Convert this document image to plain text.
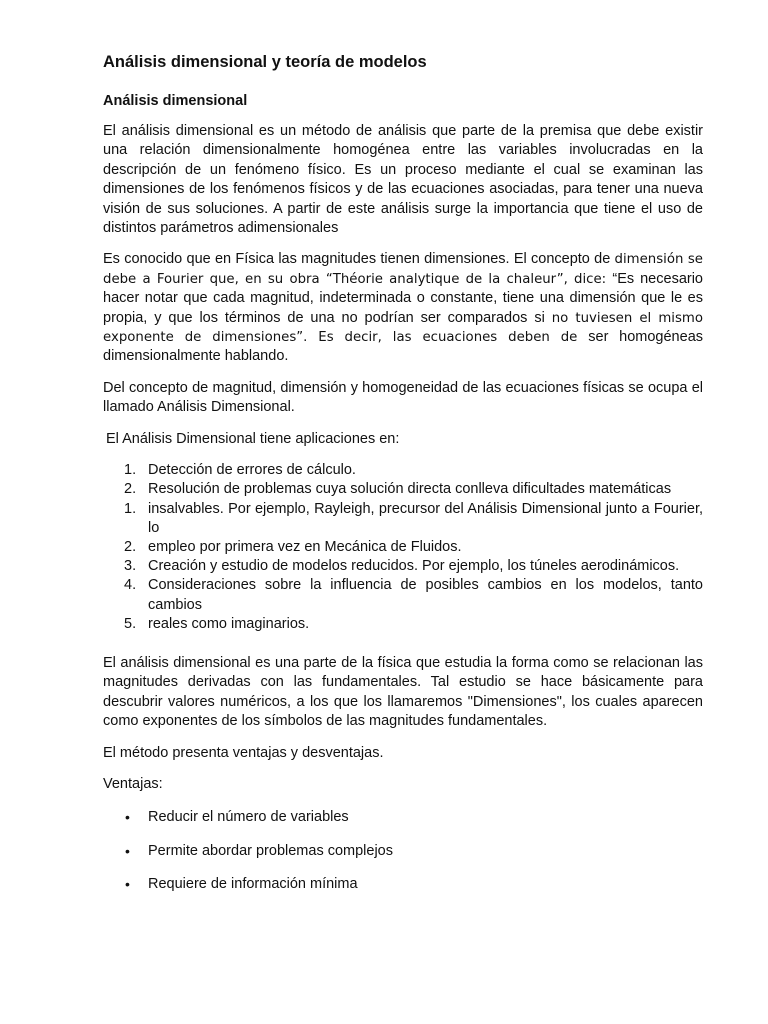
Análisis dimensional y teoría de modelos
Análisis dimensional

El análisis dimensional es un método de análisis que parte de la premisa que debe existir una relación dimensionalmente homogénea entre las variables involucradas en la descripción de un fenómeno físico. Es un proceso mediante el cual se examinan las dimensiones de los fenómenos físicos y de las ecuaciones asociadas, para tener una nueva visión de sus soluciones. A partir de este análisis surge la importancia que tiene el uso de distintos parámetros adimensionales

Es conocido que en Física las magnitudes tienen dimensiones. El concepto de dimensión se debe a Fourier que, en su obra “Théorie analytique de la chaleur”, dice: “Es necesario hacer notar que cada magnitud, indeterminada o constante, tiene una dimensión que le es propia, y que los términos de una no podrían ser comparados si no tuviesen el mismo exponente de dimensiones”. Es decir, las ecuaciones deben de ser homogéneas dimensionalmente hablando.

Del concepto de magnitud, dimensión y homogeneidad de las ecuaciones físicas se ocupa el llamado Análisis Dimensional.

El Análisis Dimensional tiene aplicaciones en:

1. Detección de errores de cálculo.
2. Resolución de problemas cuya solución directa conlleva dificultades matemáticas
1. insalvables. Por ejemplo, Rayleigh, precursor del Análisis Dimensional junto a Fourier, lo
2. empleo por primera vez en Mecánica de Fluidos.
3. Creación y estudio de modelos reducidos. Por ejemplo, los túneles aerodinámicos.
4. Consideraciones sobre la influencia de posibles cambios en los modelos, tanto cambios
5. reales como imaginarios.

El análisis dimensional es una parte de la física que estudia la forma como se relacionan las magnitudes derivadas con las fundamentales. Tal estudio se hace básicamente para descubrir valores numéricos, a los que los llamaremos "Dimensiones", los cuales aparecen como exponentes de los símbolos de las magnitudes fundamentales.

El método presenta ventajas y desventajas.

Ventajas:

• Reducir el número de variables
• Permite abordar problemas complejos
• Requiere de información mínima
